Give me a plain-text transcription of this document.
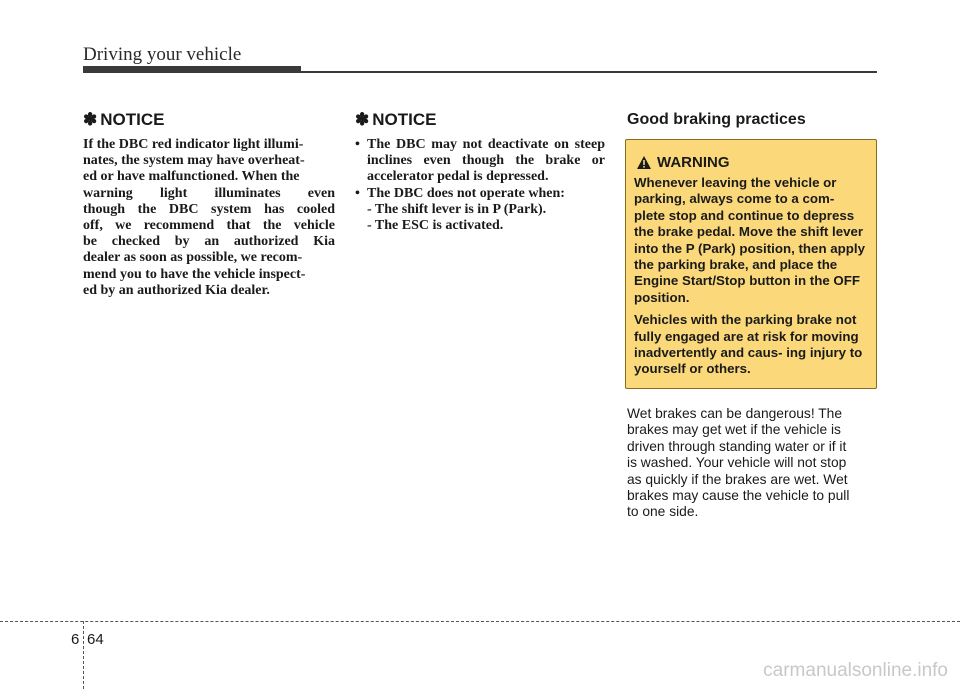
Driving your vehicle
✽ NOTICE
If the DBC red indicator light illumi-
nates, the system may have overheat-
ed or have malfunctioned. When the
warning light illuminates even
though the DBC system has cooled
off, we recommend that the vehicle
be checked by an authorized Kia
dealer as soon as possible, we recom-
mend you to have the vehicle inspect-
ed by an authorized Kia dealer.
✽ NOTICE
• The DBC may not deactivate on steep inclines even though the brake or accelerator pedal is depressed.
• The DBC does not operate when:
- The shift lever is in P (Park).
- The ESC is activated.
Good braking practices
WARNING

Whenever leaving the vehicle or parking, always come to a com- plete stop and continue to depress the brake pedal. Move the shift lever into the P (Park) position, then apply the parking brake, and place the Engine Start/Stop button in the OFF position.

Vehicles with the parking brake not fully engaged are at risk for moving inadvertently and caus- ing injury to yourself or others.

Wet brakes can be dangerous! The
brakes may get wet if the vehicle is
driven through standing water or if it
is washed. Your vehicle will not stop
as quickly if the brakes are wet. Wet
brakes may cause the vehicle to pull
to one side.
6 64
carmanualsonline.info
